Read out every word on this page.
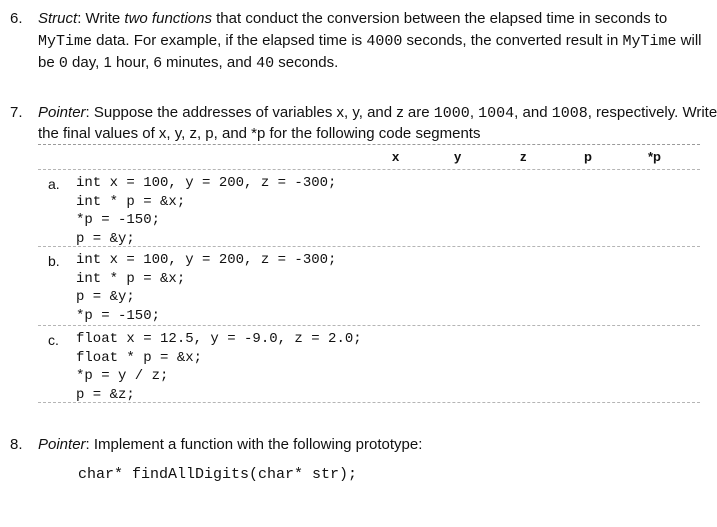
6. Struct: Write two functions that conduct the conversion between the elapsed time in seconds to
MyTime data. For example, if the elapsed time is 4000 seconds, the converted result in MyTime will
be 0 day, 1 hour, 6 minutes, and 40 seconds.
7. Pointer: Suppose the addresses of variables x, y, and z are 1000, 1004, and 1008, respectively. Write
the final values of x, y, z, p, and *p for the following code segments
x	y	z	p	*p
a. int x = 100, y = 200, z = -300;
int * p = &x;
*p = -150;
p = &y;
b. int x = 100, y = 200, z = -300;
int * p = &x;
p = &y;
*p = -150;
c. float x = 12.5, y = -9.0, z = 2.0;
float * p = &x;
*p = y / z;
p = &z;
8. Pointer: Implement a function with the following prototype:
char* findAllDigits(char* str);
